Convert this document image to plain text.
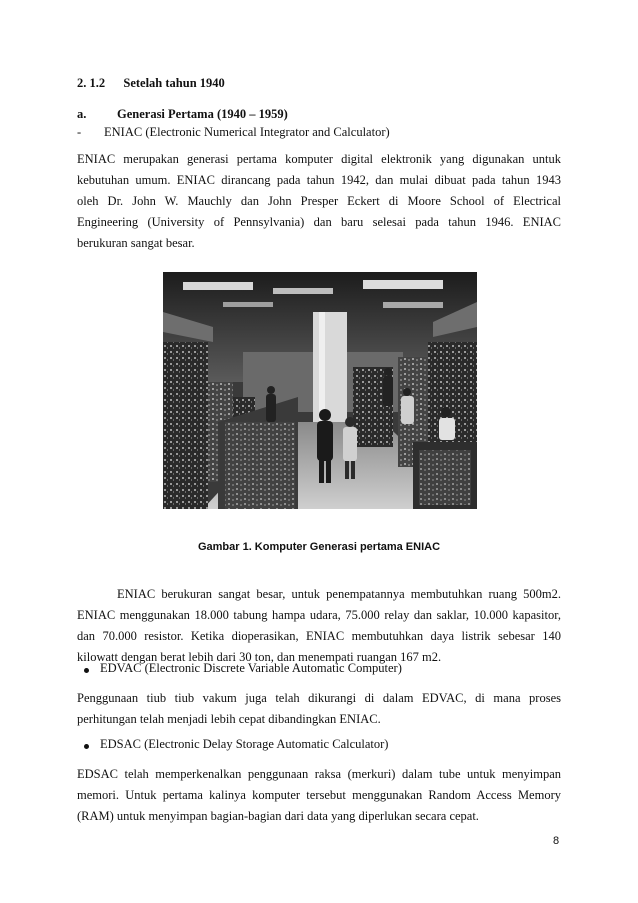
2. 1.2 Setelah tahun 1940
a. Generasi Pertama (1940 – 1959)
- ENIAC (Electronic Numerical Integrator and Calculator)
ENIAC merupakan generasi pertama komputer digital elektronik yang digunakan untuk
kebutuhan umum. ENIAC dirancang pada tahun 1942, dan mulai dibuat pada tahun 1943
oleh Dr. John W. Mauchly dan John Presper Eckert di Moore School of Electrical
Engineering (University of Pennsylvania) dan baru selesai pada tahun 1946. ENIAC
berukuran sangat besar.
Gambar 1. Komputer Generasi pertama ENIAC
ENIAC berukuran sangat besar, untuk penempatannya membutuhkan ruang 500m2.
ENIAC menggunakan 18.000 tabung hampa udara, 75.000 relay dan saklar, 10.000 kapasitor,
dan 70.000 resistor. Ketika dioperasikan, ENIAC membutuhkan daya listrik sebesar 140
kilowatt dengan berat lebih dari 30 ton, dan menempati ruangan 167 m2.
EDVAC (Electronic Discrete Variable Automatic Computer)
Penggunaan tiub tiub vakum juga telah dikurangi di dalam EDVAC, di mana proses
perhitungan telah menjadi lebih cepat dibandingkan ENIAC.
EDSAC (Electronic Delay Storage Automatic Calculator)
EDSAC telah memperkenalkan penggunaan raksa (merkuri) dalam tube untuk menyimpan
memori. Untuk pertama kalinya komputer tersebut menggunakan Random Access Memory
(RAM) untuk menyimpan bagian-bagian dari data yang diperlukan secara cepat.
8
